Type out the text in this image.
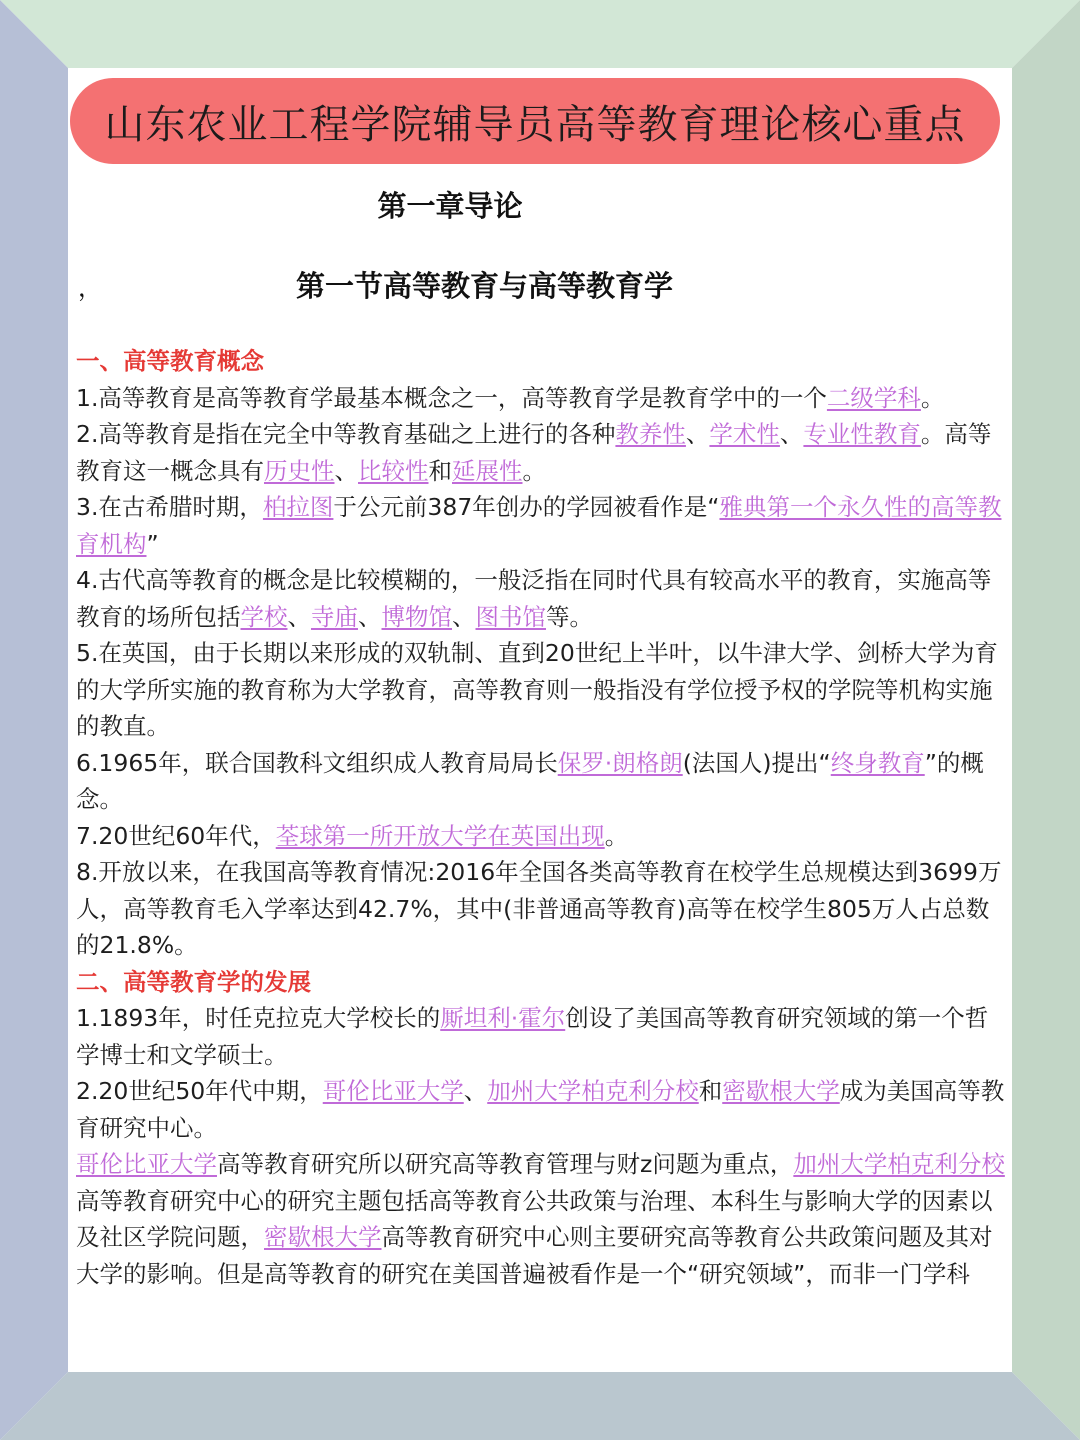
山东农业工程学院辅导员高等教育理论核心重点
第一章导论
，	第一节高等教育与高等教育学

一、高等教育概念

1.高等教育是高等教育学最基本概念之一，高等教育学是教育学中的一个二级学科。

2.高等教育是指在完全中等教育基础之上进行的各种教养性、学术性、专业性教育。高等教育这一概念具有历史性、比较性和延展性。

3.在古希腊时期，柏拉图于公元前387年创办的学园被看作是“雅典第一个永久性的高等教育机构”

4.古代高等教育的概念是比较模糊的，一般泛指在同时代具有较高水平的教育，实施高等教育的场所包括学校、寺庙、博物馆、图书馆等。

5.在英国，由于长期以来形成的双轨制、直到20世纪上半叶，以牛津大学、剑桥大学为育的大学所实施的教育称为大学教育，高等教育则一般指没有学位授予权的学院等机构实施的教直。

6.1965年，联合国教科文组织成人教育局局长保罗·朗格朗(法国人)提出“终身教育”的概念。

7.20世纪60年代，荃球第一所开放大学在英国出现。

8.开放以来，在我国高等教育情况:2016年全国各类高等教育在校学生总规模达到3699万人，高等教育毛入学率达到42.7%，其中(非普通高等教育)高等在校学生805万人占总数的21.8%。

二、高等教育学的发展

1.1893年，时任克拉克大学校长的厮坦利·霍尔创设了美国高等教育研究领域的第一个哲学博士和文学硕士。

2.20世纪50年代中期，哥伦比亚大学、加州大学柏克利分校和密歇根大学成为美国高等教育研究中心。

哥伦比亚大学高等教育研究所以研究高等教育管理与财z问题为重点，加州大学柏克利分校高等教育研究中心的研究主题包括高等教育公共政策与治理、本科生与影响大学的因素以及社区学院问题，密歇根大学高等教育研究中心则主要研究高等教育公共政策问题及其对大学的影响。但是高等教育的研究在美国普遍被看作是一个“研究领域”，而非一门学科
